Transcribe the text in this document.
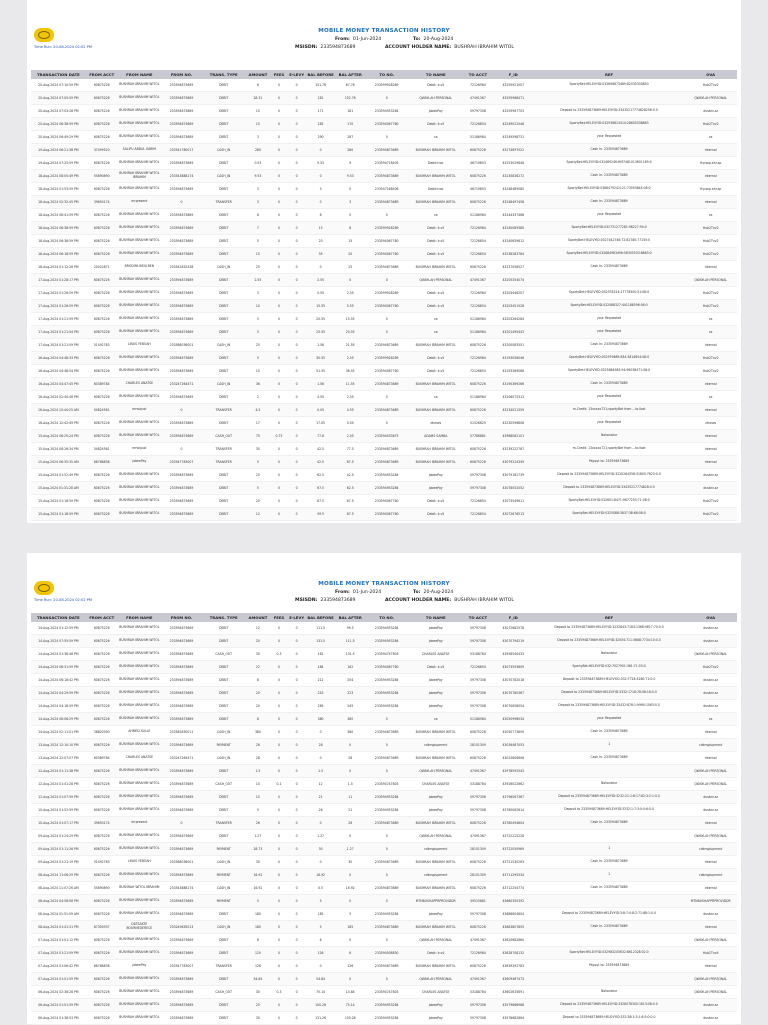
Time Run: 20-08-2024 02:02 PM
MOBILE MONEY TRANSACTION HISTORY
From: 01-Jun-2024	To: 20-Aug-2024
MSISDN: 233594873689	ACCOUNT HOLDER NAME: BUSHRAH IBRAHIM WITOL
TRANSACTION DATE	FROM ACCT	FROM NAME	FROM NO.	TRANS. TYPE	AMOUNT	FEES	E-LEVY	BAL BEFORE	BAL AFTER	TO NO.	TO NAME	TO ACCT	F_ID	REF	OVA
20-Aug-2024 07:10:59 PM	60875226	BUSHRAH IBRAHIM WITOL	233594873689	DEBIT	6	0	0	151.76	67.76	233599928289	Debit: Ir.v5	72126984	43295921007	SportyBet:HELEVYID:032696873489:82035300850	Hub2Tnv2
20-Aug-2024 07:05:59 PM	60875226	BUSHRAH IBRAHIM WITOL	233594873689	DEBIT	28.31	0	0	181	152.76	0	QWAYLAH PERSONAL	47491367	43295968471		QWAYLAH PERSONAL
20-Aug-2024 07:03:28 PM	60875226	BUSHRAH IBRAHIM WITOL	233594873689	DEBIT	10	0	0	171	181	233594953264	jobeePay	59797308	43295967703	Deposit to 233594873689:HELEVYID:33435217774828256:0.0	dusbrv.sz
20-Aug-2024 06:38:59 PM	60875226	BUSHRAH IBRAHIM WITOL	233594873689	DEBIT	15	0	0	185	170	233594067780	Debit: Ir.v5	72126854	43249022048	SportyBet:HELEVYID:032938813414:28605338863	Hub2Tnv2
20-Aug-2024 06:49:29 PM	60875226	BUSHRAH IBRAHIM WITOL	233594873689	DEBIT	3	0	0	290	287	0	ca	51186984	43249598731	your Requested	ca
19-Aug-2024 06:21:38 PM	37499520	SALIFU ABDUL KARIM	233541780017	CASH_IN	280	0	0	0	280	233594873689	BUSHRAH IBRAHIM WITOL	60875226	43274697022	Cash In: 233594873689	internal
19-Aug-2024 07:25:59 PM	60875226	BUSHRAH IBRAHIM WITOL	233594873689	DEBIT	0.53	0	0	9.53	9	233594718405	Debit:trac	46719803	43253029846	SportyBet:HELEVYID:032469246:HM7481013601189:0	Hyrsop.ehr.sp
18-Aug-2024 08:05:49 PM	55890890	BUSHRAH IBRAHIM WITOL IBRAHIM	233543888174	CASH_IN	9.53	0	0	0	9.53	233594873689	BUSHRAH IBRAHIM WITOL	60875226	43230836272	Cash In: 233594873689	internal
18-Aug-2024 01:53:59 PM	60875226	BUSHRAH IBRAHIM WITOL	233594873689	DEBIT	3	0	0	3	0	233547168406	Debit:trac	46719803	43248489085	SportyBet:HELEVYID:0386479241121:73093844:08:0	Hyrsop.ehr.sp
18-Aug-2024 02:32:45 PM	39650174	mrpresent	0	TRANSFER	3	0	0	0	3	233594873689	BUSHRAH IBRAHIM WITOL	60875226	43248497458	Cash In: 233594873689	internal
18-Aug-2024 06:41:59 PM	60875226	BUSHRAH IBRAHIM WITOL	233594873689	DEBIT	8	0	0	8	0	0	ca	51186984	43244337468	your Requested	ca
18-Aug-2024 06:38:59 PM	60875226	BUSHRAH IBRAHIM WITOL	233594873689	DEBIT	7	0	0	15	8	233599928289	Debit: Ir.v5	72126984	43240089380	SportyBet:HELEVYID:032731277281:98227:94:0	Hub2Tnv2
18-Aug-2024 06:38:59 PM	60875226	BUSHRAH IBRAHIM WITOL	233594873689	DEBIT	5	0	0	20	15	233594067780	Debit: Ir.v5	72126854	43240659612	SportyBet:HELEVYID:0327442746:72:82780:77150:0	Hub2Tnv2
18-Aug-2024 06:18:59 PM	60875226	BUSHRAH IBRAHIM WITOL	233594873689	DEBIT	15	0	0	35	20	233594067780	Debit: Ir.v5	72126854	43238283784	SportyBet:HELEVYID:032684983496:58305533:8863:0	Hub2Tnv2
18-Aug-2024 01:12:26 PM	20022871	BRODIPA BENJ BEN	233542832438	CASH_IN	25	0	0	0	25	233594873689	BUSHRAH IBRAHIM WITOL	60875226	43237058527	Cash In: 233594873689	internal
17-Aug-2024 01:28:17 PM	60875226	BUSHRAH IBRAHIM WITOL	233594873689	DEBIT	2.55	0	0	2.55	0	0	QWAYLAH PERSONAL	47491367	43205354074		QWAYLAH PERSONAL
17-Aug-2024 01:26:59 PM	60875226	BUSHRAH IBRAHIM WITOL	233594873689	DEBIT	3	0	0	5.55	2.55	233599928289	Debit: Ir.v5	72126984	43203446207	SportyBet:HELEVYID:032978314:27778300:51:08:0	Hub2Tnv2
17-Aug-2024 01:26:59 PM	60875226	BUSHRAH IBRAHIM WITOL	233594873689	DEBIT	10	0	0	15.55	5.55	233594067780	Debit: Ir.v5	72126854	43203451528	SportyBet:HELEVYID:032088327:441188596:08:0	Hub2Tnv2
17-Aug-2024 01:21:59 PM	60875226	BUSHRAH IBRAHIM WITOL	233594873689	DEBIT	5	0	0	20.55	15.55	0	ca	51186984	43203264284	your Requested	ca
17-Aug-2024 01:21:54 PM	60875226	BUSHRAH IBRAHIM WITOL	233594873689	DEBIT	5	0	0	25.55	20.55	0	ca	51186984	43201495443	your Requested	ca
17-Aug-2024 01:21:59 PM	51492783	LINUS YEBOAH	233588036001	CASH_IN	25	0	0	1.56	21.55	233594873689	BUSHRAH IBRAHIM WITOL	60875226	43200083551	Cash In: 233594873689	internal
16-Aug-2024 04:48:33 PM	60875226	BUSHRAH IBRAHIM WITOL	233594873689	DEBIT	5	0	0	30.55	2.55	233599928289	Debit: Ir.v5	72126984	43193058046	SportyBet:HELEVYID:032979889:834:3814654:08:0	Hub2Tnv2
16-Aug-2024 04:48:54 PM	60875226	BUSHRAH IBRAHIM WITOL	233594873689	DEBIT	15	0	0	51.55	36.55	233594067780	Debit: Ir.v5	72126854	43193369066	SportyBet:HELEVYID:0325684983:94:96038471:08:0	Hub2Tnv2
16-Aug-2024 04:47:45 PM	60389784	CHARLES ANATSE	233247264471	CASH_IN	36	0	0	1.56	11.55	233594873689	BUSHRAH IBRAHIM WITOL	60875226	43190369266	Cash In: 233594873689	internal
16-Aug-2024 02:40:46 PM	60875226	BUSHRAH IBRAHIM WITOL	233594873689	DEBIT	2	0	0	4.55	2.55	0	ca	51186984	43206075313	your Requested	ca
16-Aug-2024 10:44:25 AM	54824561	mrwipuzi	0	TRANSFER	4.5	0	0	0.05	4.55	233594873689	BUSHRAH IBRAHIM WITOL	60875226	43234021359	m-Credit: 13xxxxx721;sportyBet from ...to Ibat	internal
16-Aug-2024 12:42:49 PM	60875226	BUSHRAH IBRAHIM WITOL	233594873689	DEBIT	17	0	0	17.05	0.05	0	ztnews	51526625	43230596808	your Requested	ztnews
15-Aug-2024 06:20:24 PM	60875226	BUSHRAH IBRAHIM WITOL	233594873689	CASH_OUT	75	0.75	0	77.8	2.05	233594033875	ADAMS SAMBA	57786881	43986082101	Nakanatur	internal
15-Aug-2024 08:26:34 PM	54824561	mrwipuzi	0	TRANSFER	35	0	0	42.5	77.5	233594873689	BUSHRAH IBRAHIM WITOL	60875226	43239222787	m-Credit: 13xxxxx721;sportyBet from ...to Ibat	internal
15-Aug-2024 06:35:35 AM	88768836	jobeePay	233547783007	TRANSFER	5	0	0	42.5	87.5	233594873689	BUSHRAH IBRAHIM WITOL	60875226	43079224349	Payout to: 233594873689	internal
15-Aug-2024 01:52:49 PM	60875226	BUSHRAH IBRAHIM WITOL	233594873689	DEBIT	20	0	0	62.5	42.5	233594953284	jobeePay	59797308	43079182739	Deposit to 233594873689:HELEVYID:3220264358:31805:7623:0.0	dusbrv.sz
15-Aug-2024 01:31:28 AM	60875226	BUSHRAH IBRAHIM WITOL	233594873689	DEBIT	5	0	0	67.5	62.5	233594953284	jobeePay	59797308	43078052052	Deposit to 233594873689:HELEVYID:33435217774828:0.0	dusbrv.sz
15-Aug-2024 01:18:59 PM	60875226	BUSHRAH IBRAHIM WITOL	233594873689	DEBIT	20	0	0	87.5	67.5	233594067780	Debit: Ir.v5	72126854	43073549611	SportyBet:HELEVYID:032601:8471:9677255:71:08:0	Hub2Tnv2
15-Aug-2024 01:18:59 PM	60875226	BUSHRAH IBRAHIM WITOL	233594873689	DEBIT	12	0	0	99.5	87.5	233594067780	Debit: Ir.v5	72126854	43072676513	SportyBet:HELEVYID:0325088:3837:38:68:08:0	Hub2Tnv2
Time Run: 20-08-2024 02:02 PM
MOBILE MONEY TRANSACTION HISTORY
From: 01-Jun-2024	To: 20-Aug-2024
MSISDN: 233594873689	ACCOUNT HOLDER NAME: BUSHRAH IBRAHIM WITOL
TRANSACTION DATE	FROM ACCT	FROM NAME	FROM NO.	TRANS. TYPE	AMOUNT	FEES	E-LEVY	BAL BEFORE	BAL AFTER	TO NO.	TO NAME	TO ACCT	F_ID	REF	OVA
14-Aug-2024 01:12:59 PM	60875226	BUSHRAH IBRAHIM WITOL	233594873689	DEBIT	12	0	0	111.5	99.5	233594953284	jobeePay	59797308	43072682578	Deposit to 233594873689:HELEVYID:3232843:7183:1368:9817:70:0.0	dusbrv.sz
14-Aug-2024 07:55:59 PM	60875226	BUSHRAH IBRAHIM WITOL	233594873689	DEBIT	20	0	0	131.5	111.5	233594953284	jobeePay	59797308	43070794219	Deposit to 233594873689:HELEVYID:32054:711:3688:7734:10:0.0	dusbrv.sz
14-Aug-2024 01:36:48 PM	60875226	BUSHRAH IBRAHIM WITOL	233594873689	CASH_OUT	30	0.3	0	162	131.5	233594747803	CHARLES ANATSE	53188784	43958540433	Nakanatur	QWAYLAH PERSONAL
14-Aug-2024 06:31:59 PM	60875226	BUSHRAH IBRAHIM WITOL	233594873689	DEBIT	22	0	0	184	162	233594067780	Debit: Ir.v5	72126854	43073593809	SportyBet:HELEVYID:032:7027901:361:71:03:0	Hub2Tnv2
14-Aug-2024 06:18:42 PM	60875226	BUSHRAH IBRAHIM WITOL	233594873689	DEBIT	8	0	0	212	204	233594953284	jobeePay	59797308	43070782018	Deposit to 233594873689:HELEVYID:332:7728:3280:71:0.0	dusbrv.sz
14-Aug-2024 04:29:59 PM	60875226	BUSHRAH IBRAHIM WITOL	233594873689	DEBIT	20	0	0	243	223	233594953284	jobeePay	59797308	43070780367	Deposit to 233594873689:HELEVYID:3332:1718:78:58:18:0.0	dusbrv.sz
14-Aug-2024 04:18:59 PM	60875226	BUSHRAH IBRAHIM WITOL	233594873689	DEBIT	20	0	0	265	245	233594953284	jobeePay	59797308	43070658054	Deposit to 233594873689:HELEVYID:33432:878:1:9960:1063:0.0	dusbrv.sz
14-Aug-2024 06:08:29 PM	60875226	BUSHRAH IBRAHIM WITOL	233594873689	DEBIT	8	0	0	380	380	0	ca	51186984	43050998034	your Requested	ca
14-Aug-2024 02:11:01 PM	38820390	AHMED SULLE	233582830011	CASH_IN	380	0	0	0	380	233594873689	BUSHRAH IBRAHIM WITOL	60875226	43050773609	Cash In: 233594873689	internal
13-Aug-2024 12:10:10 PM	60875226	BUSHRAH IBRAHIM WITOL	233594873689	PAYMENT	28	0	0	28	0	0	cdkmgiupment	28151309	43026487053	1	cdkmgiupment
13-Aug-2024 12:07:07 PM	60389784	CHARLES ANATSE	233247264471	CASH_IN	28	0	0	0	28	233594873689	BUSHRAH IBRAHIM WITOL	60875226	43025606806	Cash In: 233594873689	internal
12-Aug-2024 01:11:38 PM	60875226	BUSHRAH IBRAHIM WITOL	233594873689	DEBIT	1.5	0	0	1.5	0	0	QWAYLAH PERSONAL	47491367	43978592543		QWAYLAH PERSONAL
12-Aug-2024 01:41:28 PM	60875226	BUSHRAH IBRAHIM WITOL	233594873689	CASH_OUT	10	0.1	0	12	1.5	233594747803	CHARLES ANATSE	53188784	43926022662	Nakanatur	QWAYLAH PERSONAL
12-Aug-2024 01:07:59 PM	60875226	BUSHRAH IBRAHIM WITOL	233594873689	DEBIT	10	0	0	21	11	233594953284	jobeePay	59797308	43796067367	Deposit to 233594873689:HELEVYID:3232:21:1:8:17:82:3:2:1:0.0	dusbrv.sz
10-Aug-2024 01:52:59 PM	60875226	BUSHRAH IBRAHIM WITOL	233594873689	DEBIT	5	0	0	26	21	233594953284	jobeePay	59797308	43780062614	Deposit to 233594873689:HELEVYID:3332:1:7:3:0:0:6:0.0	dusbrv.sz
10-Aug-2024 01:07:17 PM	39650174	mrpresent	0	TRANSFER	26	0	0	0	26	233594873689	BUSHRAH IBRAHIM WITOL	60875226	43780494604	Cash In: 233594873689	internal
09-Aug-2024 01:24:29 PM	60875226	BUSHRAH IBRAHIM WITOL	233594873689	DEBIT	1.27	0	0	1.27	0	0	QWAYLAH PERSONAL	47491367	43722225228		QWAYLAH PERSONAL
09-Aug-2024 01:11:26 PM	60875226	BUSHRAH IBRAHIM WITOL	233594873689	PAYMENT	28.73	0	0	30	1.27	0	cdkmgiupment	28151309	43722050969	1	cdkmgiupment
09-Aug-2024 01:21:19 PM	51492783	LINUS YEBOAH	233588036001	CASH_IN	30	0	0	0	30	233594873689	BUSHRAH IBRAHIM WITOL	60875226	43721530263	Cash In: 233594873689	internal
08-Aug-2024 11:08:29 PM	60875226	BUSHRAH IBRAHIM WITOL	233594873689	PAYMENT	16.92	0	0	16.92	0	0	cdkmgiupment	28151309	43711295334	1	cdkmgiupment
08-Aug-2024 11:07:26 AM	55890890	BUSHRAH WITOL IBRAHIM	233543888174	CASH_IN	16.92	0	0	0.5	16.92	233594873689	BUSHRAH IBRAHIM WITOL	60875226	43712254774	Cash In: 233594873689	internal
08-Aug-2024 04:58:08 PM	60875226	BUSHRAH IBRAHIM WITOL	233594873689	PAYMENT	5	0	0	5	0	0	MTNBUSHAPPRPROVIDDR	39515881	43680350392		MTNBUSHAPPRPROVIDDR
08-Aug-2024 01:51:59 AM	60875226	BUSHRAH IBRAHIM WITOL	233594873689	DEBIT	180	0	0	185	5	233594953284	jobeePay	59797308	43686604804	Deposit to 233594873689:HELEVYID:3:8:7:0:8:2:71:88:1:0.0	dusbrv.sz
08-Aug-2024 01:41:31 PM	87350937	DATSAKTE BOURNEDERECE	233249835013	CASH_IN	180	0	0	5	185	233594873689	BUSHRAH IBRAHIM WITOL	60875226	43683807855	Cash In: 233594873689	internal
07-Aug-2024 01:01:12 PM	60875226	BUSHRAH IBRAHIM WITOL	233594873689	DEBIT	6	0	0	6	0	0	QWAYLAH PERSONAL	47491367	43620682860		QWAYLAH PERSONAL
07-Aug-2024 01:21:59 PM	60875226	BUSHRAH IBRAHIM WITOL	233594873689	DEBIT	120	0	0	126	6	233594008830	Debit: Ir.v4	72126984	43628708132	SportyBet:HELEVYID:032983205632:8612328:02:0	Hub2Tnv4
07-Aug-2024 01:06:42 PM	88768836	jobeePay	233547783007	TRANSFER	126	0	0	0	126	233594873689	BUSHRAH IBRAHIM WITOL	60875226	43639392783	Payout to: 233594873689	internal
07-Aug-2024 01:01:59 PM	60875226	BUSHRAH IBRAHIM WITOL	233594873689	DEBIT	54.84	0	0	54.84	0	0	QWAYLAH PERSONAL	47491367	43609487473		QWAYLAH PERSONAL
06-Aug-2024 02:38:28 PM	60875226	BUSHRAH IBRAHIM WITOL	233594873689	CASH_OUT	30	0.3	0	75.14	14.84	233594747803	CHARLES ANATSE	53188784	43602635891	Nakanatur	QWAYLAH PERSONAL
06-Aug-2024 01:01:59 PM	60875226	BUSHRAH IBRAHIM WITOL	233594873689	DEBIT	25	0	0	100.28	75.14	233594953284	jobeePay	59797308	43579868968	Deposit to 233594873689:HELEVYID:3328078300:1613:08:0.0	dusbrv.sz
06-Aug-2024 01:38:53 PM	60875226	BUSHRAH IBRAHIM WITOL	233594873689	DEBIT	30	0	0	131.26	100.28	233594953284	jobeePay	59797308	43578682864	Deposit to 233594873689:HELEVYID:332:38:1:3:1:8:5:0:0.0	dusbrv.sz
